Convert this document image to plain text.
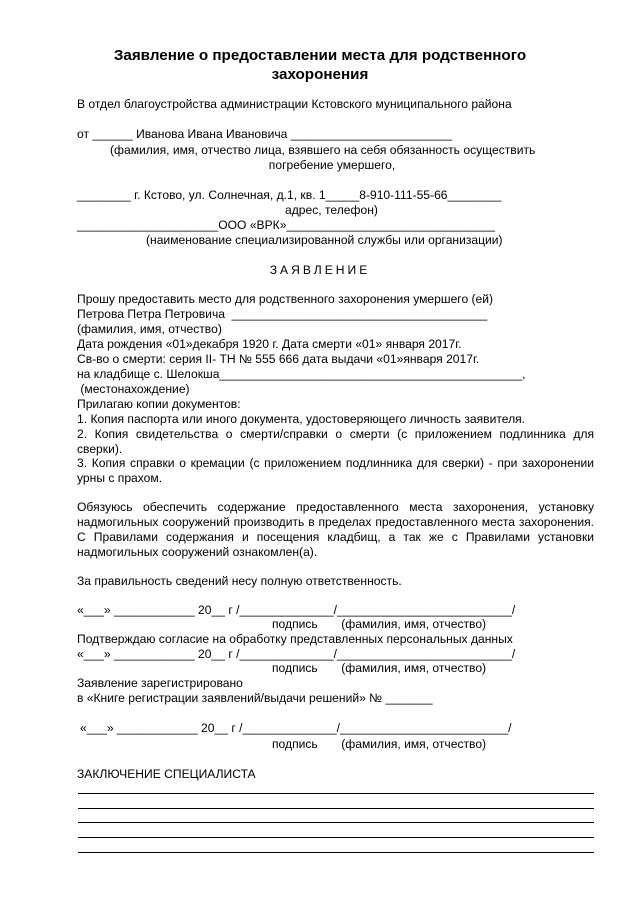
Заявление о предоставлении места для родственного
захоронения
В отдел благоустройства администрации Кстовского муниципального района
от ______ Иванова Ивана Ивановича ________________________
(фамилия, имя, отчество лица, взявшего на себя обязанность осуществить
погребение умершего,
________ г. Кстово, ул. Солнечная, д.1, кв. 1_____8-910-111-55-66________
адрес, телефон)
_____________________ООО «ВРК»_______________________________
(наименование специализированной службы или организации)
ЗАЯВЛЕНИЕ
Прошу предоставить место для родственного захоронения умершего (ей)
Петрова Петра Петровича  ______________________________________
(фамилия, имя, отчество)
Дата рождения «01»декабря 1920 г. Дата смерти «01» января 2017г.
Св-во о смерти: серия II- ТН № 555 666 дата выдачи «01»января 2017г.
на кладбище с. Шелокша_____________________________________________,
(местонахождение)
Прилагаю копии документов:
1. Копия паспорта или иного документа, удостоверяющего личность заявителя.
2. Копия свидетельства о смерти/справки о смерти (с приложением подлинника для сверки).
3. Копия справки о кремации (с приложением подлинника для сверки) - при захоронении урны с прахом.
Обязуюсь обеспечить содержание предоставленного места захоронения, установку надмогильных сооружений производить в пределах предоставленного места захоронения. С Правилами содержания и посещения кладбищ, а так же с Правилами установки надмогильных сооружений ознакомлен(а).
За правильность сведений несу полную ответственность.
«___» ____________ 20__ г /______________/__________________________/
подпись       (фамилия, имя, отчество)
Подтверждаю согласие на обработку представленных персональных данных
«___» ____________ 20__ г /______________/__________________________/
подпись       (фамилия, имя, отчество)
Заявление зарегистрировано
в «Книге регистрации заявлений/выдачи решений» № _______
«___» ____________ 20__ г /______________/_________________________/
подпись       (фамилия, имя, отчество)
ЗАКЛЮЧЕНИЕ СПЕЦИАЛИСТА
